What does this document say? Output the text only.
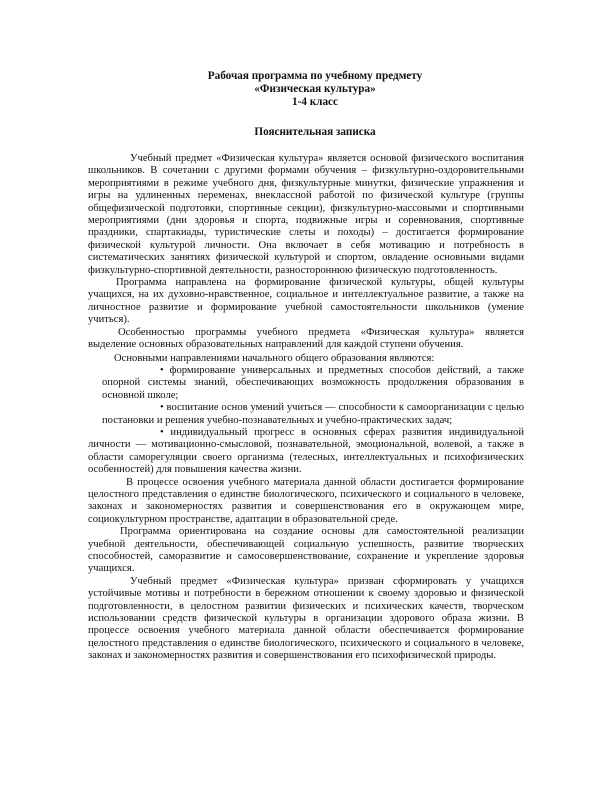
Рабочая программа по учебному предмету
«Физическая культура»
1-4 класс
Пояснительная записка

Учебный предмет «Физическая культура» является основой физического воспитания школьников. В сочетании с другими формами обучения – физкультурно-оздоровительными мероприятиями в режиме учебного дня, физкультурные минутки, физические упражнения и игры на удлиненных переменах, внеклассной работой по физической культуре (группы общефизической подготовки, спортивные секции), физкультурно-массовыми и спортивными мероприятиями (дни здоровья и спорта, подвижные игры и соревнования, спортивные праздники, спартакиады, туристические слеты и походы) – достигается формирование физической культурой личности. Она включает в себя мотивацию и потребность в систематических занятиях физической культурой и спортом, овладение основными видами физкультурно-спортивной деятельности, разностороннюю физическую подготовленность.

Программа направлена на формирование физической культуры, общей культуры учащихся, на их духовно-нравственное, социальное и интеллектуальное развитие, а также на личностное развитие и формирование учебной самостоятельности школьников (умение учиться).

Особенностью программы учебного предмета «Физическая культура» является выделение основных образовательных направлений для каждой ступени обучения.

Основными направлениями начального общего образования являются:

• формирование универсальных и предметных способов действий, а также опорной системы знаний, обеспечивающих возможность продолжения образования в основной школе;

• воспитание основ умений учиться — способности к самоорганизации с целью постановки и решения учебно-познавательных и учебно-практических задач;

• индивидуальный прогресс в основных сферах развития индивидуальной личности — мотивационно-смысловой, познавательной, эмоциональной, волевой, а также в области саморегуляции своего организма (телесных, интеллектуальных и психофизических особенностей) для повышения качества жизни.

В процессе освоения учебного материала данной области достигается формирование целостного представления о единстве биологического, психического и социального в человеке, законах и закономерностях развития и совершенствования его в окружающем мире, социокультурном пространстве, адаптации в образовательной среде.

Программа ориентирована на создание основы для самостоятельной реализации учебной деятельности, обеспечивающей социальную успешность, развитие творческих способностей, саморазвитие и самосовершенствование, сохранение и укрепление здоровья учащихся.

Учебный предмет «Физическая культура» призван сформировать у учащихся устойчивые мотивы и потребности в бережном отношении к своему здоровью и физической подготовленности, в целостном развитии физических и психических качеств, творческом использовании средств физической культуры в организации здорового образа жизни. В процессе освоения учебного материала данной области обеспечивается формирование целостного представления о единстве биологического, психического и социального в человеке, законах и закономерностях развития и совершенствования его психофизической природы.
